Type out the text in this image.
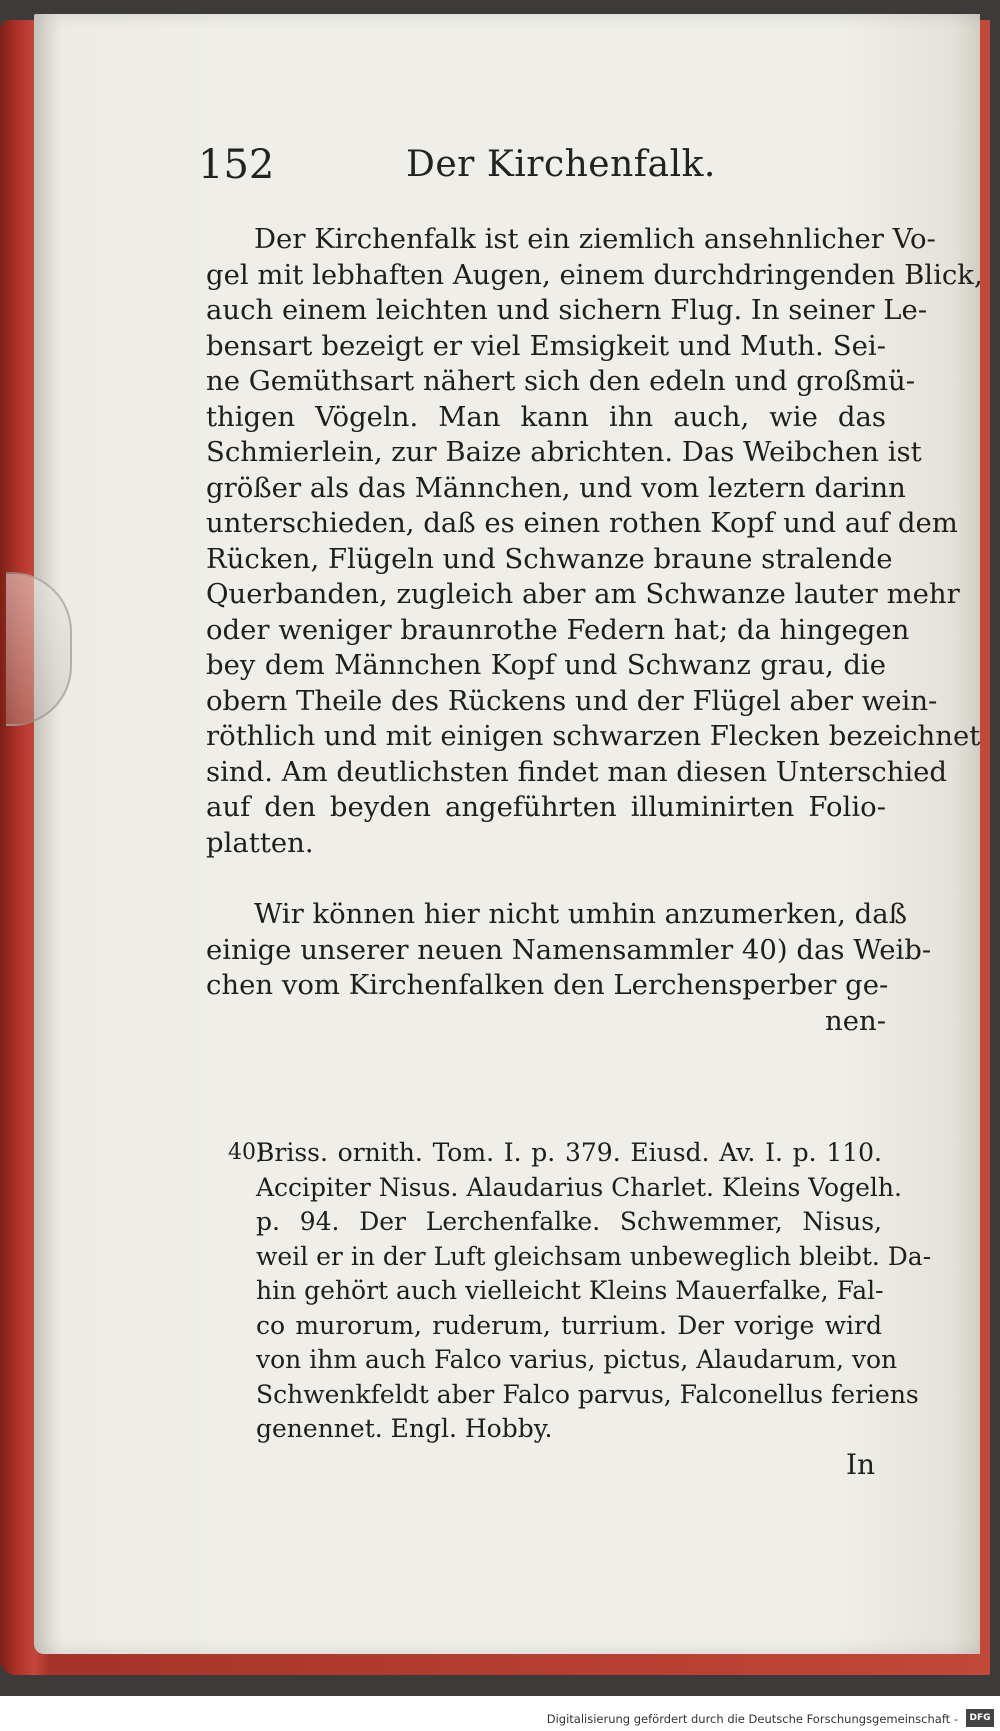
152	Der Kirchenfalk.
Der Kirchenfalk ist ein ziemlich ansehnlicher Vo-
gel mit lebhaften Augen, einem durchdringenden Blick,
auch einem leichten und sichern Flug. In seiner Le-
bensart bezeigt er viel Emsigkeit und Muth. Sei-
ne Gemüthsart nähert sich den edeln und großmü-
thigen Vögeln. Man kann ihn auch, wie das
Schmierlein, zur Baize abrichten. Das Weibchen ist
größer als das Männchen, und vom leztern darinn
unterschieden, daß es einen rothen Kopf und auf dem
Rücken, Flügeln und Schwanze braune stralende
Querbanden, zugleich aber am Schwanze lauter mehr
oder weniger braunrothe Federn hat; da hingegen
bey dem Männchen Kopf und Schwanz grau, die
obern Theile des Rückens und der Flügel aber wein-
röthlich und mit einigen schwarzen Flecken bezeichnet
sind. Am deutlichsten findet man diesen Unterschied
auf den beyden angeführten illuminirten Folio-
platten.
Wir können hier nicht umhin anzumerken, daß
einige unserer neuen Namensammler 40) das Weib-
chen vom Kirchenfalken den Lerchensperber ge-
nen-
40)
Briss. ornith. Tom. I. p. 379. Eiusd. Av. I. p. 110.
Accipiter Nisus. Alaudarius Charlet. Kleins Vogelh.
p. 94. Der Lerchenfalke. Schwemmer, Nisus,
weil er in der Luft gleichsam unbeweglich bleibt. Da-
hin gehört auch vielleicht Kleins Mauerfalke, Fal-
co murorum, ruderum, turrium. Der vorige wird
von ihm auch Falco varius, pictus, Alaudarum, von
Schwenkfeldt aber Falco parvus, Falconellus feriens
genennet. Engl. Hobby.
In
Digitalisierung gefördert durch die Deutsche Forschungsgemeinschaft -	DFG
